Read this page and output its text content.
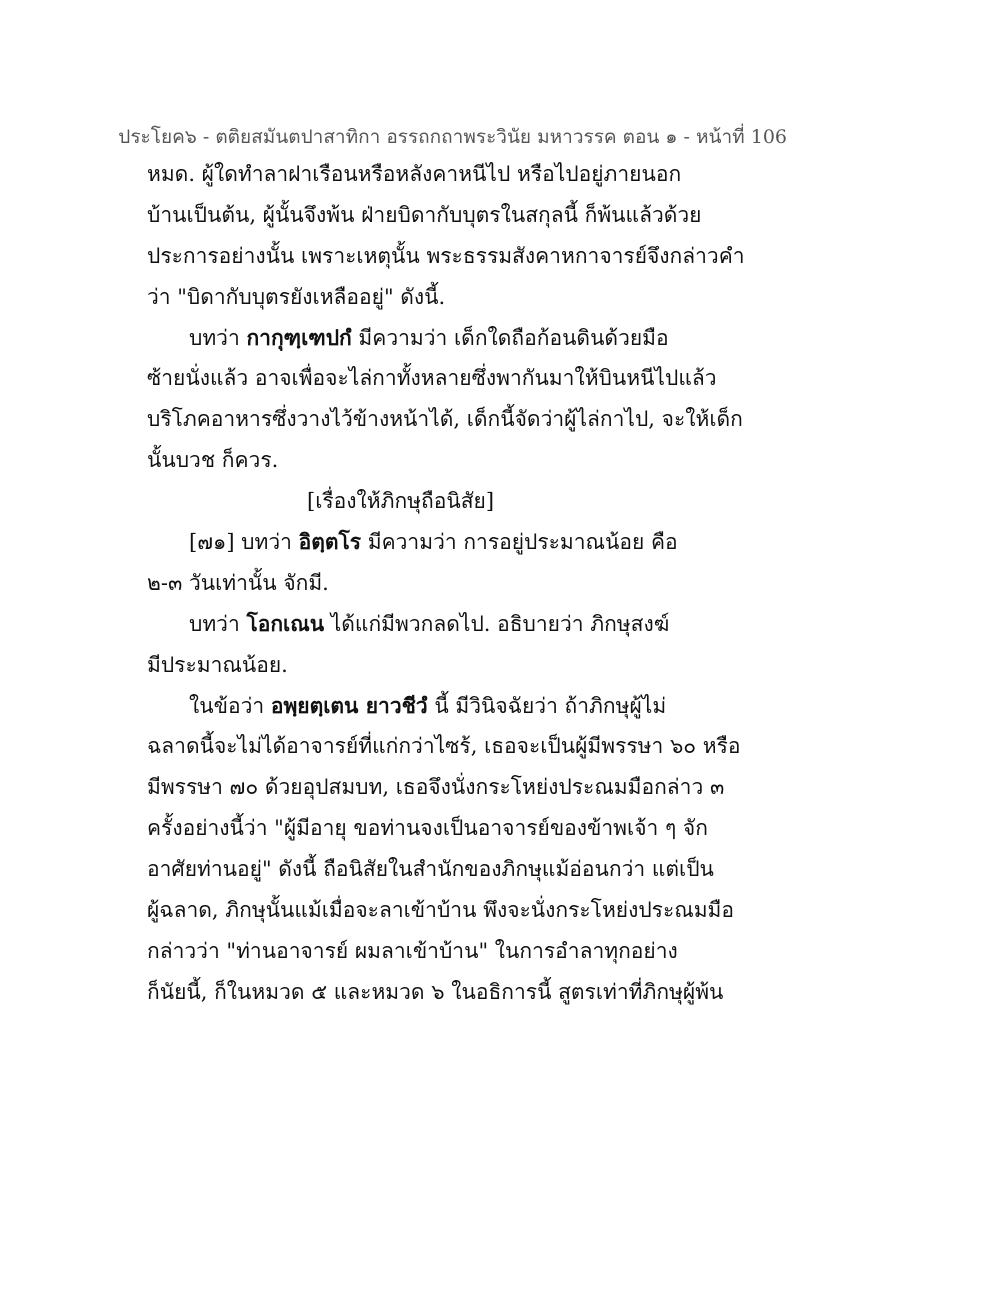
ประโยค๖ - ตติยสมันตปาสาทิกา อรรถกถาพระวินัย มหาวรรค ตอน ๑ - หน้าที่ 106
หมด. ผู้ใดทำลาฝาเรือนหรือหลังคาหนีไป หรือไปอยู่ภายนอก
บ้านเป็นต้น, ผู้นั้นจึงพ้น ฝ่ายบิดากับบุตรในสกุลนี้ ก็พ้นแล้วด้วย
ประการอย่างนั้น เพราะเหตุนั้น พระธรรมสังคาหกาจารย์จึงกล่าวคำ
ว่า "บิดากับบุตรยังเหลืออยู่" ดังนี้.
บทว่า กากุฑฺเฑปกํ มีความว่า เด็กใดถือก้อนดินด้วยมือ
ซ้ายนั่งแล้ว อาจเพื่อจะไล่กาทั้งหลายซึ่งพากันมาให้บินหนีไปแล้ว
บริโภคอาหารซึ่งวางไว้ข้างหน้าได้, เด็กนี้จัดว่าผู้ไล่กาไป, จะให้เด็ก
นั้นบวช ก็ควร.
[เรื่องให้ภิกษุถือนิสัย]
[๗๑] บทว่า อิตฺตโร มีความว่า การอยู่ประมาณน้อย คือ
๒-๓ วันเท่านั้น จักมี.
บทว่า โอกเณน ได้แก่มีพวกลดไป. อธิบายว่า ภิกษุสงฆ์
มีประมาณน้อย.
ในข้อว่า อพฺยตฺเตน ยาวชีวํ นี้ มีวินิจฉัยว่า ถ้าภิกษุผู้ไม่
ฉลาดนี้จะไม่ได้อาจารย์ที่แก่กว่าไซร้, เธอจะเป็นผู้มีพรรษา ๖๐ หรือ
มีพรรษา ๗๐ ด้วยอุปสมบท, เธอจึงนั่งกระโหย่งประณมมือกล่าว ๓
ครั้งอย่างนี้ว่า "ผู้มีอายุ ขอท่านจงเป็นอาจารย์ของข้าพเจ้า ๆ จัก
อาศัยท่านอยู่" ดังนี้ ถือนิสัยในสำนักของภิกษุแม้อ่อนกว่า แต่เป็น
ผู้ฉลาด, ภิกษุนั้นแม้เมื่อจะลาเข้าบ้าน พึงจะนั่งกระโหย่งประณมมือ
กล่าวว่า "ท่านอาจารย์ ผมลาเข้าบ้าน" ในการอำลาทุกอย่าง
ก็นัยนี้, ก็ในหมวด ๕ และหมวด ๖ ในอธิการนี้ สูตรเท่าที่ภิกษุผู้พ้น
